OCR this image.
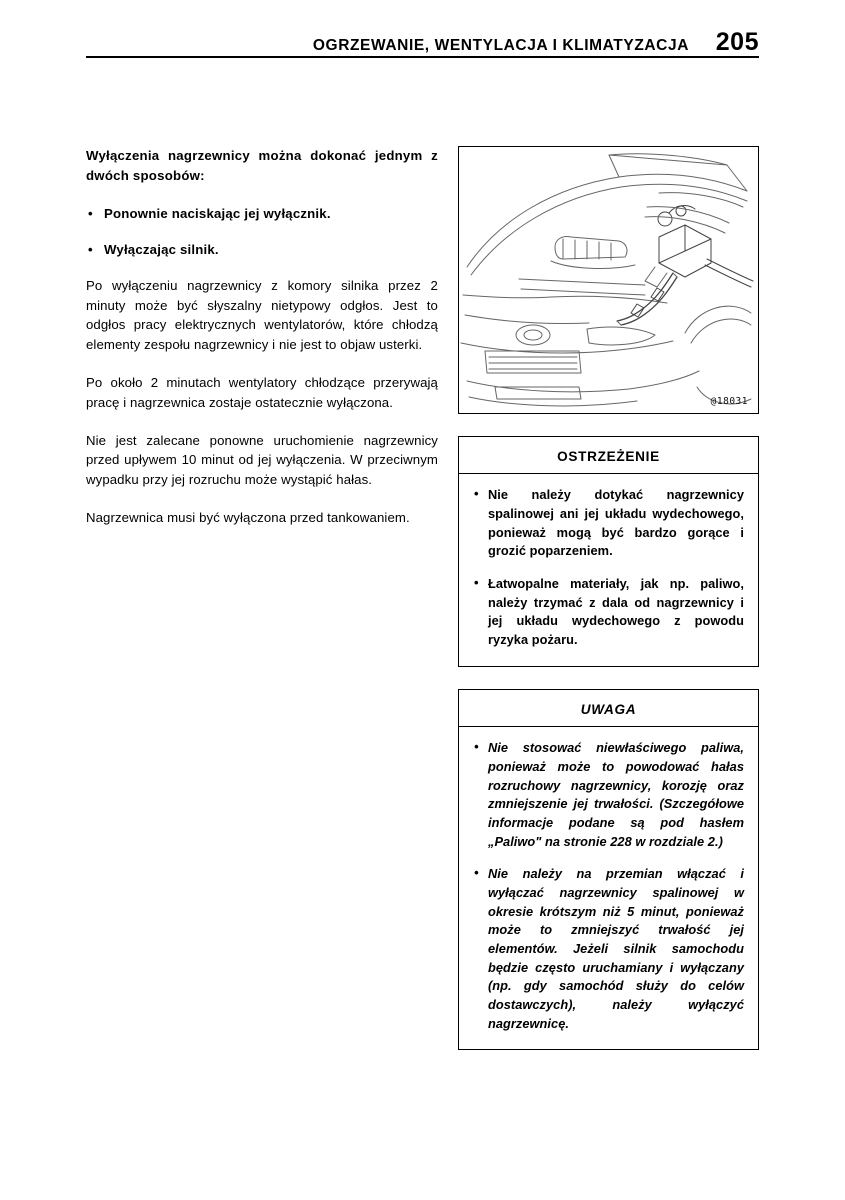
OGRZEWANIE, WENTYLACJA I KLIMATYZACJA	205

Wyłączenia nagrzewnicy można dokonać jednym z dwóch sposobów:

• Ponownie naciskając jej wyłącznik.

• Wyłączając silnik.

Po wyłączeniu nagrzewnicy z komory silnika przez 2 minuty może być słyszalny nietypowy odgłos. Jest to odgłos pracy elektrycznych wentylatorów, które chłodzą elementy zespołu nagrzewnicy i nie jest to objaw usterki.

Po około 2 minutach wentylatory chłodzące przerywają pracę i nagrzewnica zostaje ostatecznie wyłączona.

Nie jest zalecane ponowne uruchomienie nagrzewnicy przed upływem 10 minut od jej wyłączenia. W przeciwnym wypadku przy jej rozruchu może wystąpić hałas.

Nagrzewnica musi być wyłączona przed tankowaniem.

@18031
OSTRZEŻENIE
• Nie należy dotykać nagrzewnicy spalinowej ani jej układu wydechowego, ponieważ mogą być bardzo gorące i grozić poparzeniem.
• Łatwopalne materiały, jak np. paliwo, należy trzymać z dala od nagrzewnicy i jej układu wydechowego z powodu ryzyka pożaru.
UWAGA
• Nie stosować niewłaściwego paliwa, ponieważ może to powodować hałas rozruchowy nagrzewnicy, korozję oraz zmniejszenie jej trwałości. (Szczegółowe informacje podane są pod hasłem „Paliwo" na stronie 228 w rozdziale 2.)
• Nie należy na przemian włączać i wyłączać nagrzewnicy spalinowej w okresie krótszym niż 5 minut, ponieważ może to zmniejszyć trwałość jej elementów. Jeżeli silnik samochodu będzie często uruchamiany i wyłączany (np. gdy samochód służy do celów dostawczych), należy wyłączyć nagrzewnicę.
